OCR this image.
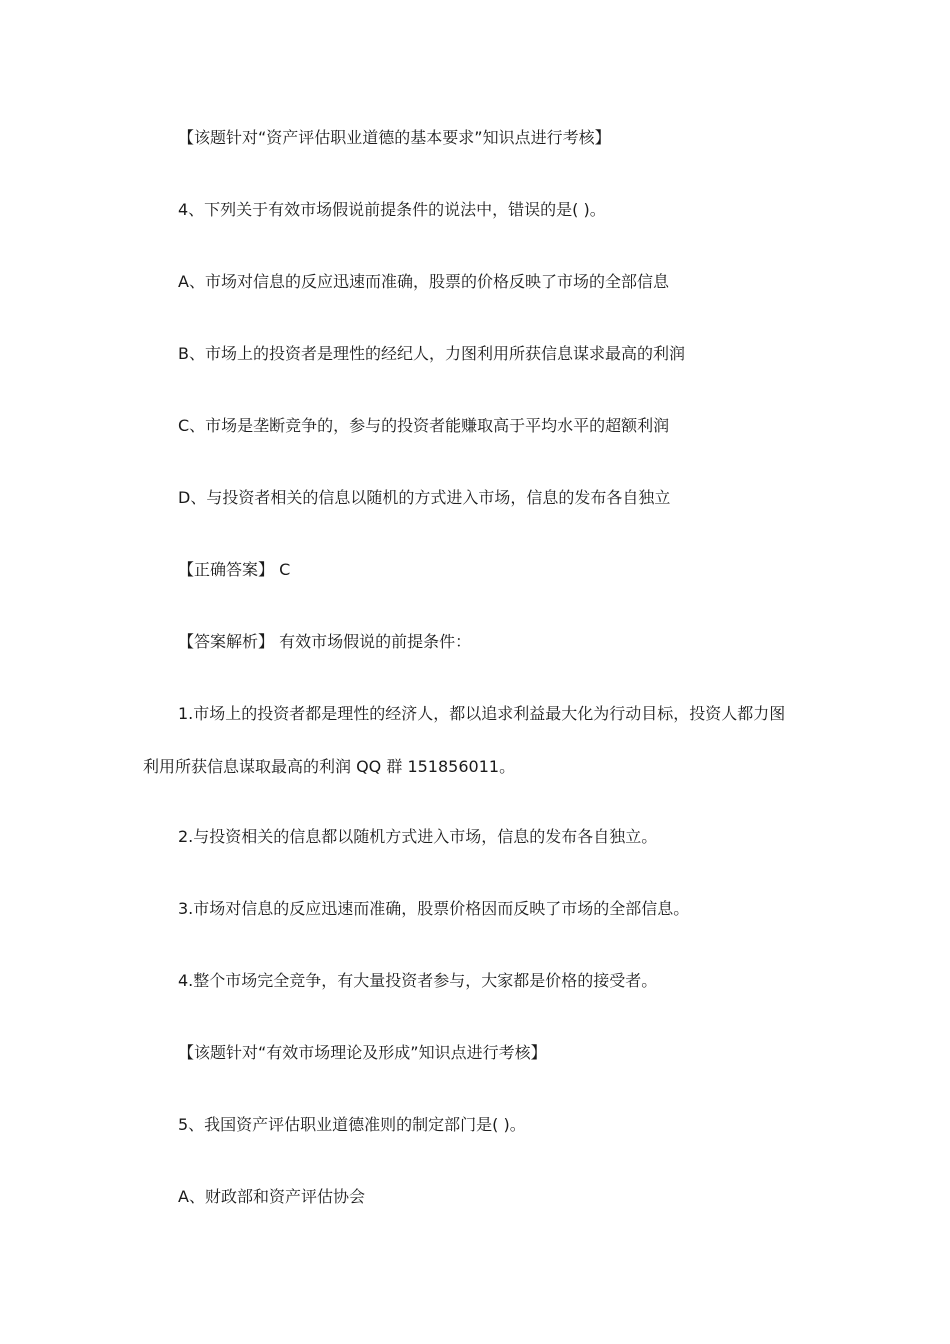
【该题针对“资产评估职业道德的基本要求”知识点进行考核】
4、下列关于有效市场假说前提条件的说法中，错误的是( )。
A、市场对信息的反应迅速而准确，股票的价格反映了市场的全部信息
B、市场上的投资者是理性的经纪人，力图利用所获信息谋求最高的利润
C、市场是垄断竞争的，参与的投资者能赚取高于平均水平的超额利润
D、与投资者相关的信息以随机的方式进入市场，信息的发布各自独立
【正确答案】 C
【答案解析】 有效市场假说的前提条件：
1.市场上的投资者都是理性的经济人，都以追求利益最大化为行动目标，投资人都力图
利用所获信息谋取最高的利润 QQ 群 151856011。
2.与投资相关的信息都以随机方式进入市场，信息的发布各自独立。
3.市场对信息的反应迅速而准确，股票价格因而反映了市场的全部信息。
4.整个市场完全竞争，有大量投资者参与，大家都是价格的接受者。
【该题针对“有效市场理论及形成”知识点进行考核】
5、我国资产评估职业道德准则的制定部门是( )。
A、财政部和资产评估协会
